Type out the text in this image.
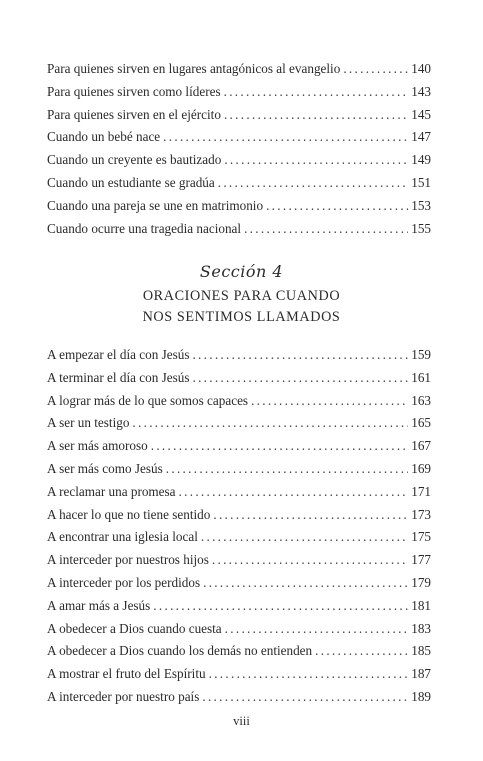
Para quienes sirven en lugares antagónicos al evangelio . . .	140
Para quienes sirven como líderes . . .	143
Para quienes sirven en el ejército . . .	145
Cuando un bebé nace . . .	147
Cuando un creyente es bautizado . . .	149
Cuando un estudiante se gradúa . . .	151
Cuando una pareja se une en matrimonio . . .	153
Cuando ocurre una tragedia nacional . . .	155
Sección 4
ORACIONES PARA CUANDO
NOS SENTIMOS LLAMADOS
A empezar el día con Jesús . . .	159
A terminar el día con Jesús . . .	161
A lograr más de lo que somos capaces . . .	163
A ser un testigo . . .	165
A ser más amoroso . . .	167
A ser más como Jesús . . .	169
A reclamar una promesa . . .	171
A hacer lo que no tiene sentido . . .	173
A encontrar una iglesia local . . .	175
A interceder por nuestros hijos . . .	177
A interceder por los perdidos . . .	179
A amar más a Jesús . . .	181
A obedecer a Dios cuando cuesta . . .	183
A obedecer a Dios cuando los demás no entienden . . .	185
A mostrar el fruto del Espíritu . . .	187
A interceder por nuestro país . . .	189
viii
